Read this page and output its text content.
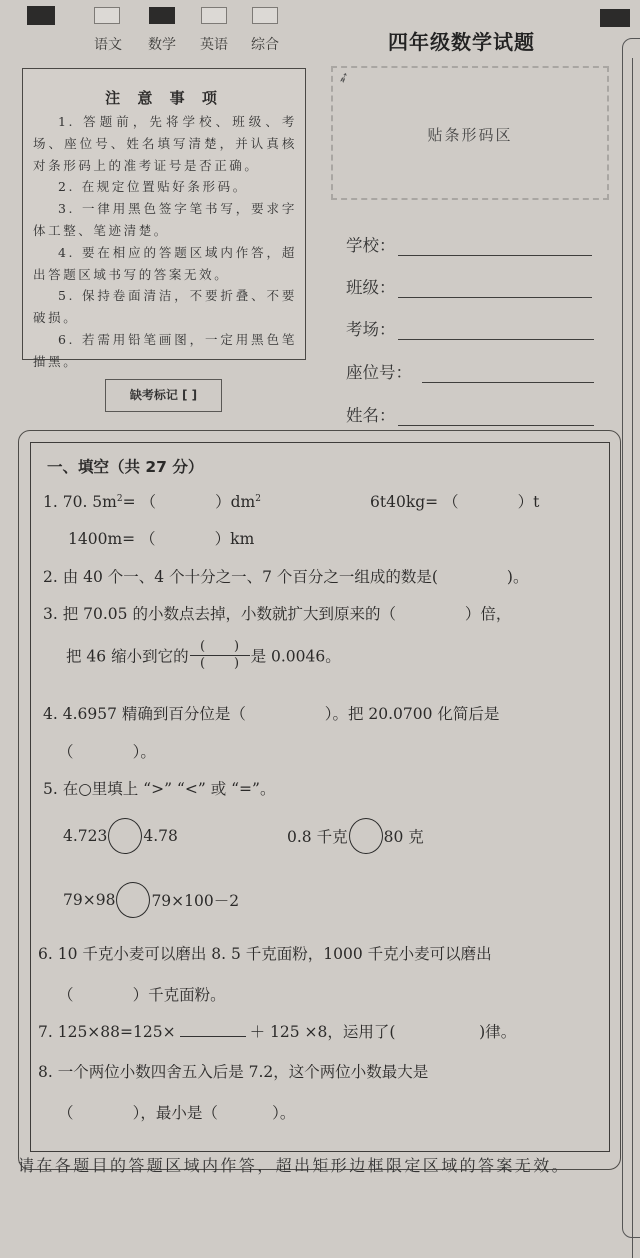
语文	数学	英语	综合	四年级数学试题
注 意 事 项

1. 答题前，先将学校、班级、考场、座位号、姓名填写清楚，并认真核对条形码上的准考证号是否正确。

2. 在规定位置贴好条形码。

3. 一律用黑色签字笔书写，要求字体工整、笔迹清楚。

4. 要在相应的答题区域内作答，超出答题区域书写的答案无效。

5. 保持卷面清洁，不要折叠、不要破损。

6. 若需用铅笔画图，一定用黑色笔描黑。

缺考标记 [ ]
贴条形码区
➶
学校：
班级：
考场：
座位号：
姓名：
一、填空（共 27 分）
1. 70. $5m^2=$ （            ）$dm^2$	6t40kg= （            ）t
1400m= （            ）km
2. 由 40 个一、4 个十分之一、7 个百分之一组成的数是(              )。
3. 把 70.05 的小数点去掉，小数就扩大到原来的（              ）倍，
把 46 缩小到它的 $\frac{( )}{( )}$ 是 0.0046。
4. 4.6957 精确到百分位是（                ）。把 20.0700 化简后是
（            ）。
5. 在○里填上 “>” “<” 或 “=”。
4.723 4.78	0.8 千克 80 克
79×98 79×100－2
6. 10 千克小麦可以磨出 8. 5 千克面粉，1000 千克小麦可以磨出
（            ）千克面粉。
7. 125×88=125×	＋ 125 ×8，运用了(                 )律。
8. 一个两位小数四舍五入后是 7.2，这个两位小数最大是
（            ），最小是（           ）。
请在各题目的答题区域内作答，超出矩形边框限定区域的答案无效。
